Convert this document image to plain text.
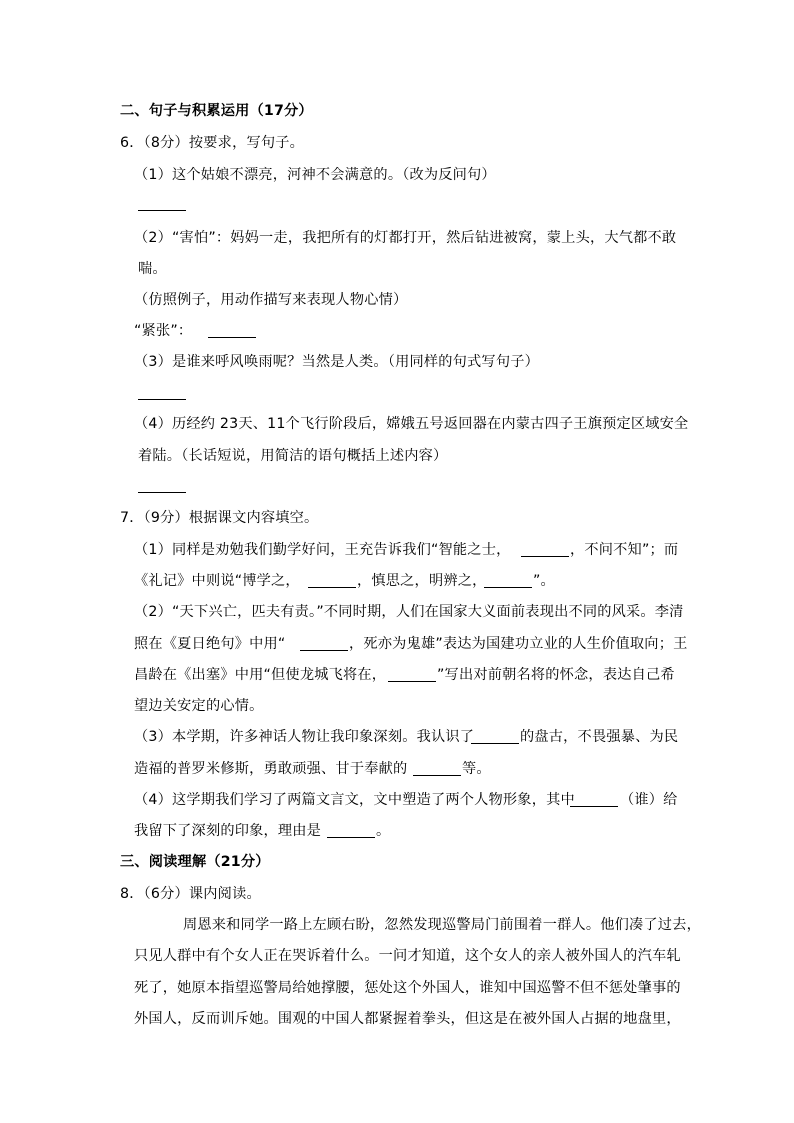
二、句子与积累运用（17分）
6．（8分）按要求，写句子。
（1）这个姑娘不漂亮，河神不会满意的。（改为反问句）
（2）“害怕”：妈妈一走，我把所有的灯都打开，然后钻进被窝，蒙上头，大气都不敢
喘。
（仿照例子，用动作描写来表现人物心情）
“紧张”：
（3）是谁来呼风唤雨呢？当然是人类。（用同样的句式写句子）
（4）历经约 23天、11个飞行阶段后，嫦娥五号返回器在内蒙古四子王旗预定区域安全
着陆。（长话短说，用简洁的语句概括上述内容）
7．（9分）根据课文内容填空。
（1）同样是劝勉我们勤学好问，王充告诉我们“智能之士，	，不问不知”；而
《礼记》中则说“博学之，	，慎思之，明辨之，	”。
（2）“天下兴亡，匹夫有责。”不同时期，人们在国家大义面前表现出不同的风采。李清
照在《夏日绝句》中用“	，死亦为鬼雄”表达为国建功立业的人生价值取向；王
昌龄在《出塞》中用“但使龙城飞将在，	”写出对前朝名将的怀念，表达自己希
望边关安定的心情。
（3）本学期，许多神话人物让我印象深刻。我认识了	的盘古，不畏强暴、为民
造福的普罗米修斯，勇敢顽强、甘于奉献的	等。
（4）这学期我们学习了两篇文言文，文中塑造了两个人物形象，其中	（谁）给
我留下了深刻的印象，理由是	。
三、阅读理解（21分）
8．（6分）课内阅读。
周恩来和同学一路上左顾右盼，忽然发现巡警局门前围着一群人。他们凑了过去，
只见人群中有个女人正在哭诉着什么。一问才知道，这个女人的亲人被外国人的汽车轧
死了，她原本指望巡警局给她撑腰，惩处这个外国人，谁知中国巡警不但不惩处肇事的
外国人，反而训斥她。围观的中国人都紧握着拳头，但这是在被外国人占据的地盘里，
